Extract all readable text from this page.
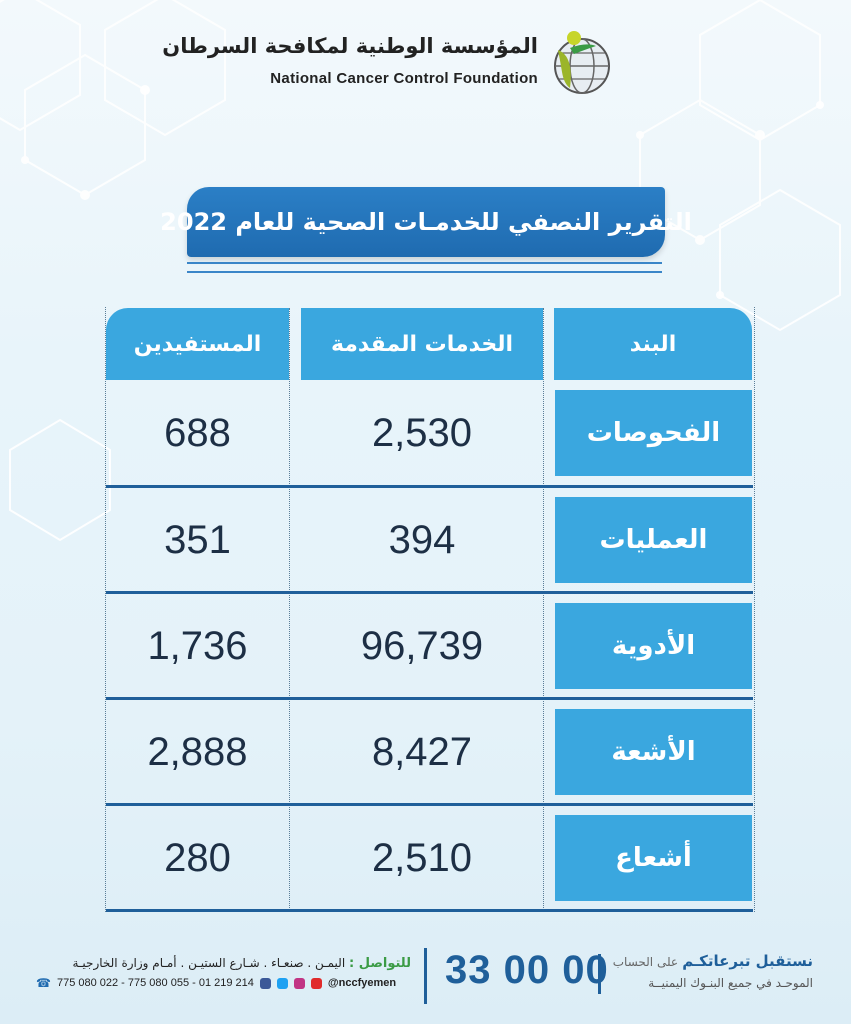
المؤسسة الوطنية لمكافحة السرطان
National Cancer Control Foundation
التقرير النصفي للخدمـات الصحية للعام 2022
البند
الخدمات المقدمة
المستفيدين
الفحوصات
2,530
688
العمليات
394
351
الأدوية
96,739
1,736
الأشعة
8,427
2,888
أشعاع
2,510
280
نستقبل تبرعاتكـم على الحساب
الموحـد في جميع البنـوك اليمنيــة
33 00 00
للتواصل : اليمـن . صنعـاء . شـارع الستيـن . أمـام وزارة الخارجيـة
☎ 775 080 022 - 775 080 055 - 01 219 214	@nccfyemen
